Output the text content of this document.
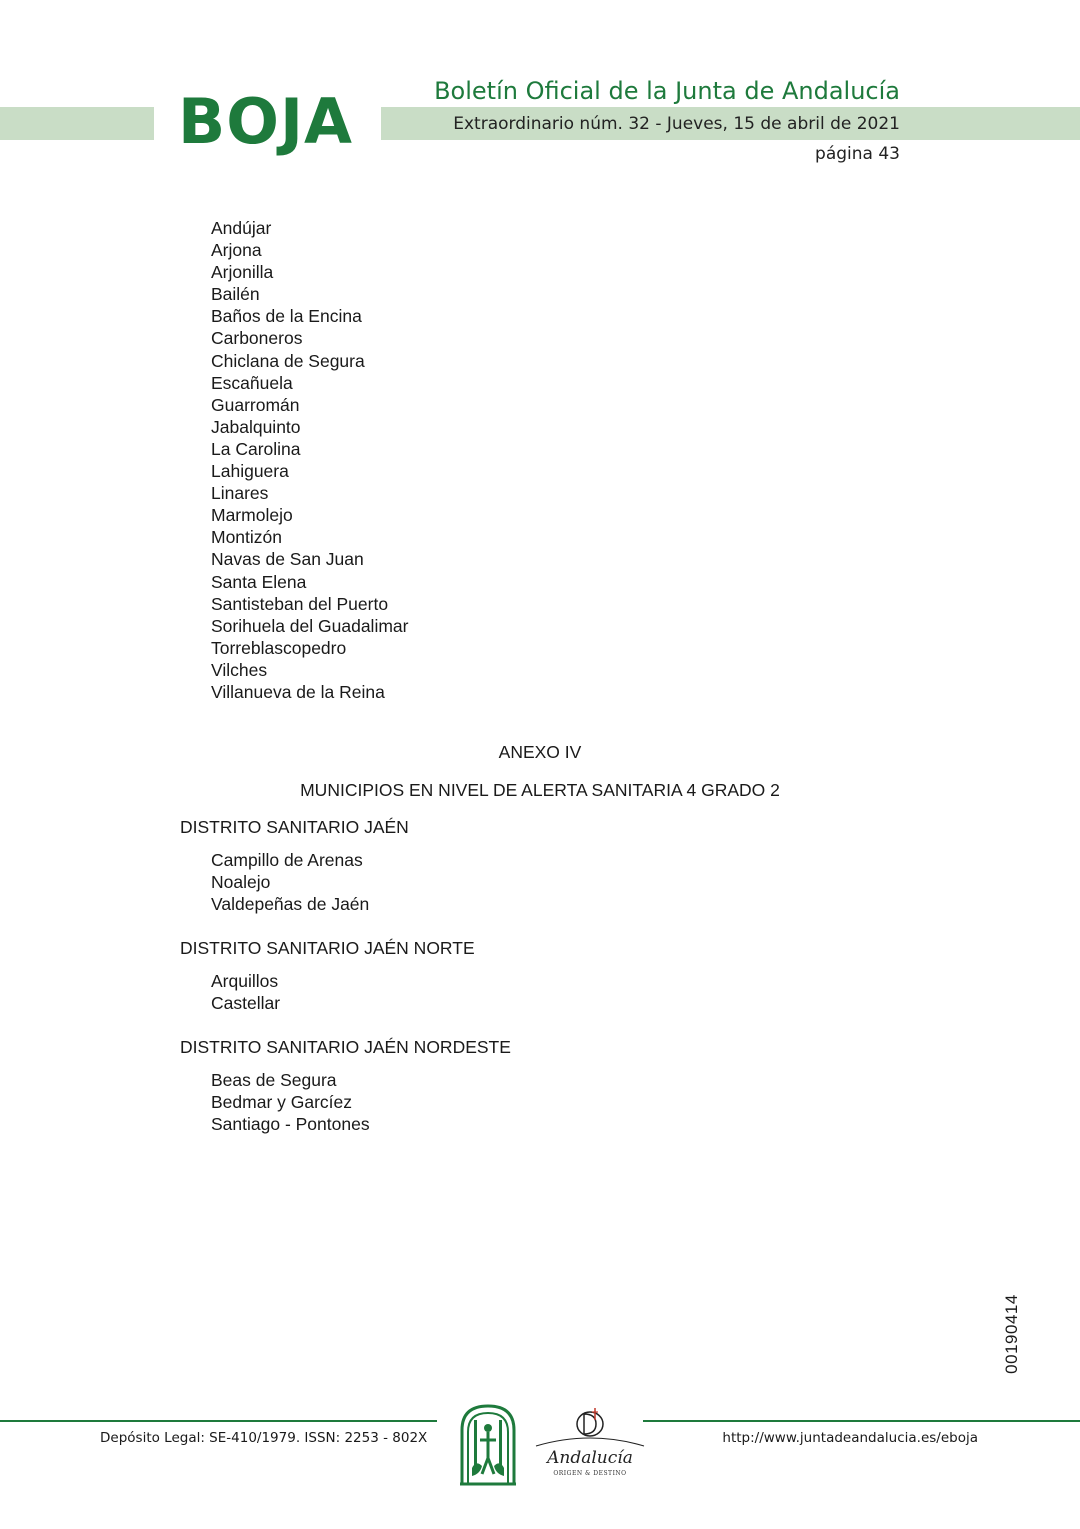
BOJA	Boletín Oficial de la Junta de Andalucía
Extraordinario núm. 32 - Jueves, 15 de abril de 2021
página 43
Andújar
Arjona
Arjonilla
Bailén
Baños de la Encina
Carboneros
Chiclana de Segura
Escañuela
Guarromán
Jabalquinto
La Carolina
Lahiguera
Linares
Marmolejo
Montizón
Navas de San Juan
Santa Elena
Santisteban del Puerto
Sorihuela del Guadalimar
Torreblascopedro
Vilches
Villanueva de la Reina
ANEXO IV
MUNICIPIOS EN NIVEL DE ALERTA SANITARIA 4 GRADO 2
DISTRITO SANITARIO JAÉN
Campillo de Arenas
Noalejo
Valdepeñas de Jaén
DISTRITO SANITARIO JAÉN NORTE
Arquillos
Castellar
DISTRITO SANITARIO JAÉN NORDESTE
Beas de Segura
Bedmar y Garcíez
Santiago - Pontones
00190414
Depósito Legal: SE-410/1979. ISSN: 2253 - 802X	http://www.juntadeandalucia.es/eboja
Andalucía
ORIGEN & DESTINO
